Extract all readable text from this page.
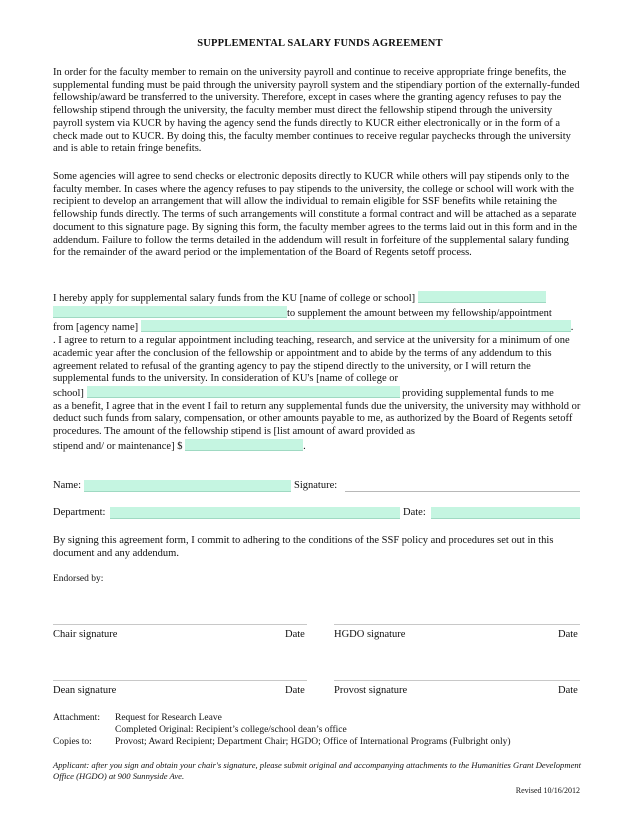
SUPPLEMENTAL SALARY FUNDS AGREEMENT

In order for the faculty member to remain on the university payroll and continue to receive appropriate fringe benefits, the supplemental funding must be paid through the university payroll system and the stipendiary portion of the externally-funded fellowship/award be transferred to the university. Therefore, except in cases where the granting agency refuses to pay the fellowship stipend through the university, the faculty member must direct the fellowship stipend through the university payroll system via KUCR by having the agency send the funds directly to KUCR either electronically or in the form of a check made out to KUCR. By doing this, the faculty member continues to receive regular paychecks through the university and is able to retain fringe benefits.

Some agencies will agree to send checks or electronic deposits directly to KUCR while others will pay stipends only to the faculty member. In cases where the agency refuses to pay stipends to the university, the college or school will work with the recipient to develop an arrangement that will allow the individual to remain eligible for SSF benefits while retaining the fellowship funds directly. The terms of such arrangements will constitute a formal contract and will be attached as a separate document to this signature page. By signing this form, the faculty member agrees to the terms laid out in this form and in the addendum. Failure to follow the terms detailed in the addendum will result in forfeiture of the supplemental salary funding for the remainder of the award period or the implementation of the Board of Regents setoff process.

I hereby apply for supplemental salary funds from the KU [name of college or school]
to supplement the amount between my fellowship/appointment
from [agency name]	.
. I agree to return to a regular appointment including teaching, research, and service at the university for a minimum of one academic year after the conclusion of the fellowship or appointment and to abide by the terms of any addendum to this agreement related to refusal of the granting agency to pay the stipend directly to the university, or I will return the supplemental funds to the university. In consideration of KU's [name of college or
school]	providing supplemental funds to me
as a benefit, I agree that in the event I fail to return any supplemental funds due the university, the university may withhold or deduct such funds from salary, compensation, or other amounts payable to me, as authorized by the Board of Regents setoff procedures. The amount of the fellowship stipend is [list amount of award provided as
stipend and/ or maintenance] $	.
Name:	Signature:
Department:	Date:

By signing this agreement form, I commit to adhering to the conditions of the SSF policy and procedures set out in this document and any addendum.

Endorsed by:
Chair signature	Date	HGDO signature	Date
Dean signature	Date	Provost signature	Date
Attachment: Request for Research Leave
Completed Original: Recipient’s college/school dean’s office
Copies to: Provost; Award Recipient; Department Chair; HGDO; Office of International Programs (Fulbright only)
Applicant: after you sign and obtain your chair's signature, please submit original and accompanying attachments to the Humanities Grant Development Office (HGDO) at 900 Sunnyside Ave.
Revised 10/16/2012
